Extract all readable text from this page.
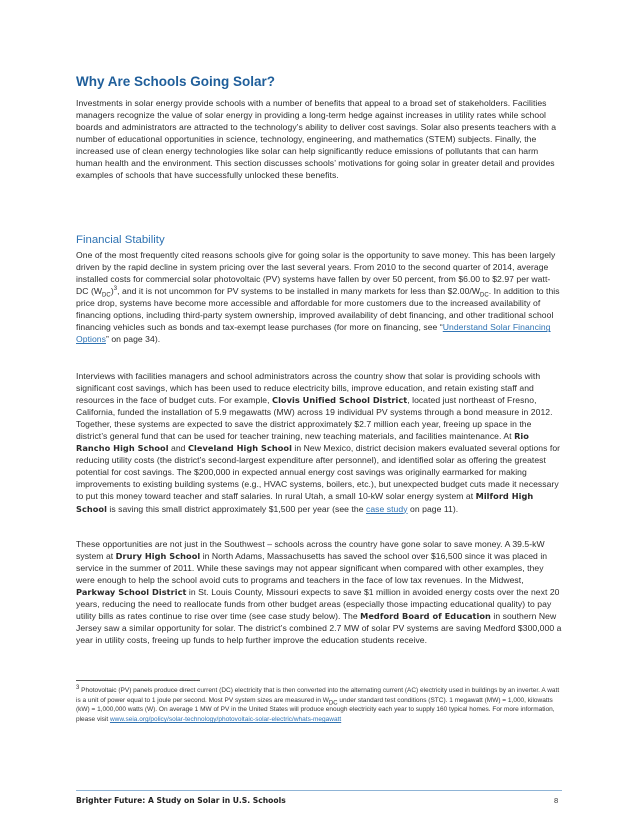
Why Are Schools Going Solar?
Investments in solar energy provide schools with a number of benefits that appeal to a broad set of stakeholders. Facilities managers recognize the value of solar energy in providing a long-term hedge against increases in utility rates while school boards and administrators are attracted to the technology’s ability to deliver cost savings. Solar also presents teachers with a number of educational opportunities in science, technology, engineering, and mathematics (STEM) subjects. Finally, the increased use of clean energy technologies like solar can help significantly reduce emissions of pollutants that can harm human health and the environment. This section discusses schools’ motivations for going solar in greater detail and provides examples of schools that have successfully unlocked these benefits.
Financial Stability
One of the most frequently cited reasons schools give for going solar is the opportunity to save money. This has been largely driven by the rapid decline in system pricing over the last several years. From 2010 to the second quarter of 2014, average installed costs for commercial solar photovoltaic (PV) systems have fallen by over 50 percent, from $6.00 to $2.97 per watt-DC $(W_{DC})^3$, and it is not uncommon for PV systems to be installed in many markets for less than $\$2.00/W_{DC}$. In addition to this price drop, systems have become more accessible and affordable for more customers due to the increased availability of financing options, including third-party system ownership, improved availability of debt financing, and other traditional school financing vehicles such as bonds and tax-exempt lease purchases (for more on financing, see “Understand Solar Financing Options” on page 34).
Interviews with facilities managers and school administrators across the country show that solar is providing schools with significant cost savings, which has been used to reduce electricity bills, improve education, and retain existing staff and resources in the face of budget cuts. For example, Clovis Unified School District, located just northeast of Fresno, California, funded the installation of 5.9 megawatts (MW) across 19 individual PV systems through a bond measure in 2012. Together, these systems are expected to save the district approximately $2.7 million each year, freeing up space in the district’s general fund that can be used for teacher training, new teaching materials, and facilities maintenance. At Rio Rancho High School and Cleveland High School in New Mexico, district decision makers evaluated several options for reducing utility costs (the district’s second-largest expenditure after personnel), and identified solar as offering the greatest potential for cost savings. The $200,000 in expected annual energy cost savings was originally earmarked for making improvements to existing building systems (e.g., HVAC systems, boilers, etc.), but unexpected budget cuts made it necessary to put this money toward teacher and staff salaries. In rural Utah, a small 10-kW solar energy system at Milford High School is saving this small district approximately $1,500 per year (see the case study on page 11).
These opportunities are not just in the Southwest – schools across the country have gone solar to save money. A 39.5-kW system at Drury High School in North Adams, Massachusetts has saved the school over $16,500 since it was placed in service in the summer of 2011. While these savings may not appear significant when compared with other examples, they were enough to help the school avoid cuts to programs and teachers in the face of low tax revenues. In the Midwest, Parkway School District in St. Louis County, Missouri expects to save $1 million in avoided energy costs over the next 20 years, reducing the need to reallocate funds from other budget areas (especially those impacting educational quality) to pay utility bills as rates continue to rise over time (see case study below). The Medford Board of Education in southern New Jersey saw a similar opportunity for solar. The district’s combined 2.7 MW of solar PV systems are saving Medford $300,000 a year in utility costs, freeing up funds to help further improve the education students receive.
$^3$ Photovoltaic (PV) panels produce direct current (DC) electricity that is then converted into the alternating current (AC) electricity used in buildings by an inverter. A watt is a unit of power equal to 1 joule per second. Most PV system sizes are measured in $W_{DC}$ under standard test conditions (STC). 1 megawatt (MW) = 1,000, kilowatts (kW) = 1,000,000 watts (W). On average 1 MW of PV in the United States will produce enough electricity each year to supply 160 typical homes. For more information, please visit www.seia.org/policy/solar-technology/photovoltaic-solar-electric/whats-megawatt
Brighter Future: A Study on Solar in U.S. Schools	8
